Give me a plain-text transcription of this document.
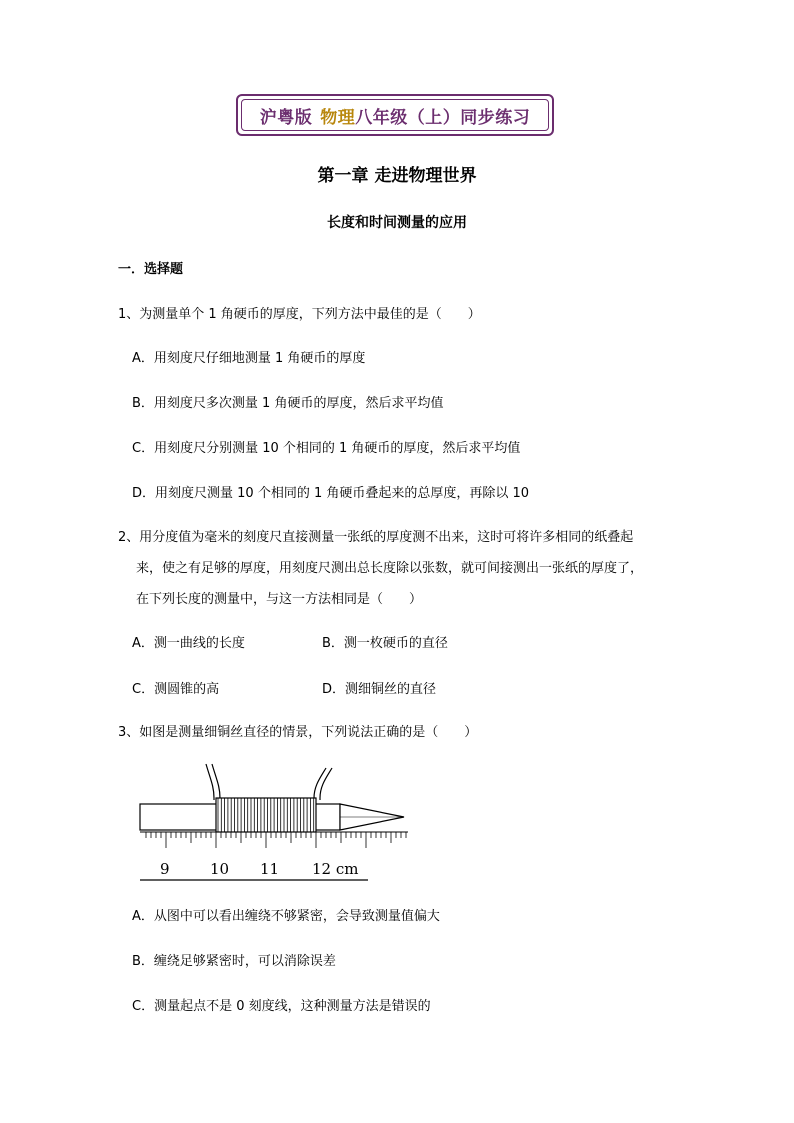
沪粤版 物理八年级（上）同步练习
第一章 走进物理世界
长度和时间测量的应用
一．选择题
1、为测量单个 1 角硬币的厚度，下列方法中最佳的是（　　）
A．用刻度尺仔细地测量 1 角硬币的厚度
B．用刻度尺多次测量 1 角硬币的厚度，然后求平均值
C．用刻度尺分别测量 10 个相同的 1 角硬币的厚度，然后求平均值
D．用刻度尺测量 10 个相同的 1 角硬币叠起来的总厚度，再除以 10
2、用分度值为毫米的刻度尺直接测量一张纸的厚度测不出来，这时可将许多相同的纸叠起
来，使之有足够的厚度，用刻度尺测出总长度除以张数，就可间接测出一张纸的厚度了，
在下列长度的测量中，与这一方法相同是（　　）
A．测一曲线的长度	B．测一枚硬币的直径
C．测圆锥的高	D．测细铜丝的直径
3、如图是测量细铜丝直径的情景，下列说法正确的是（　　）
9	10 11 12 cm
A．从图中可以看出缠绕不够紧密，会导致测量值偏大
B．缠绕足够紧密时，可以消除误差
C．测量起点不是 0 刻度线，这种测量方法是错误的
